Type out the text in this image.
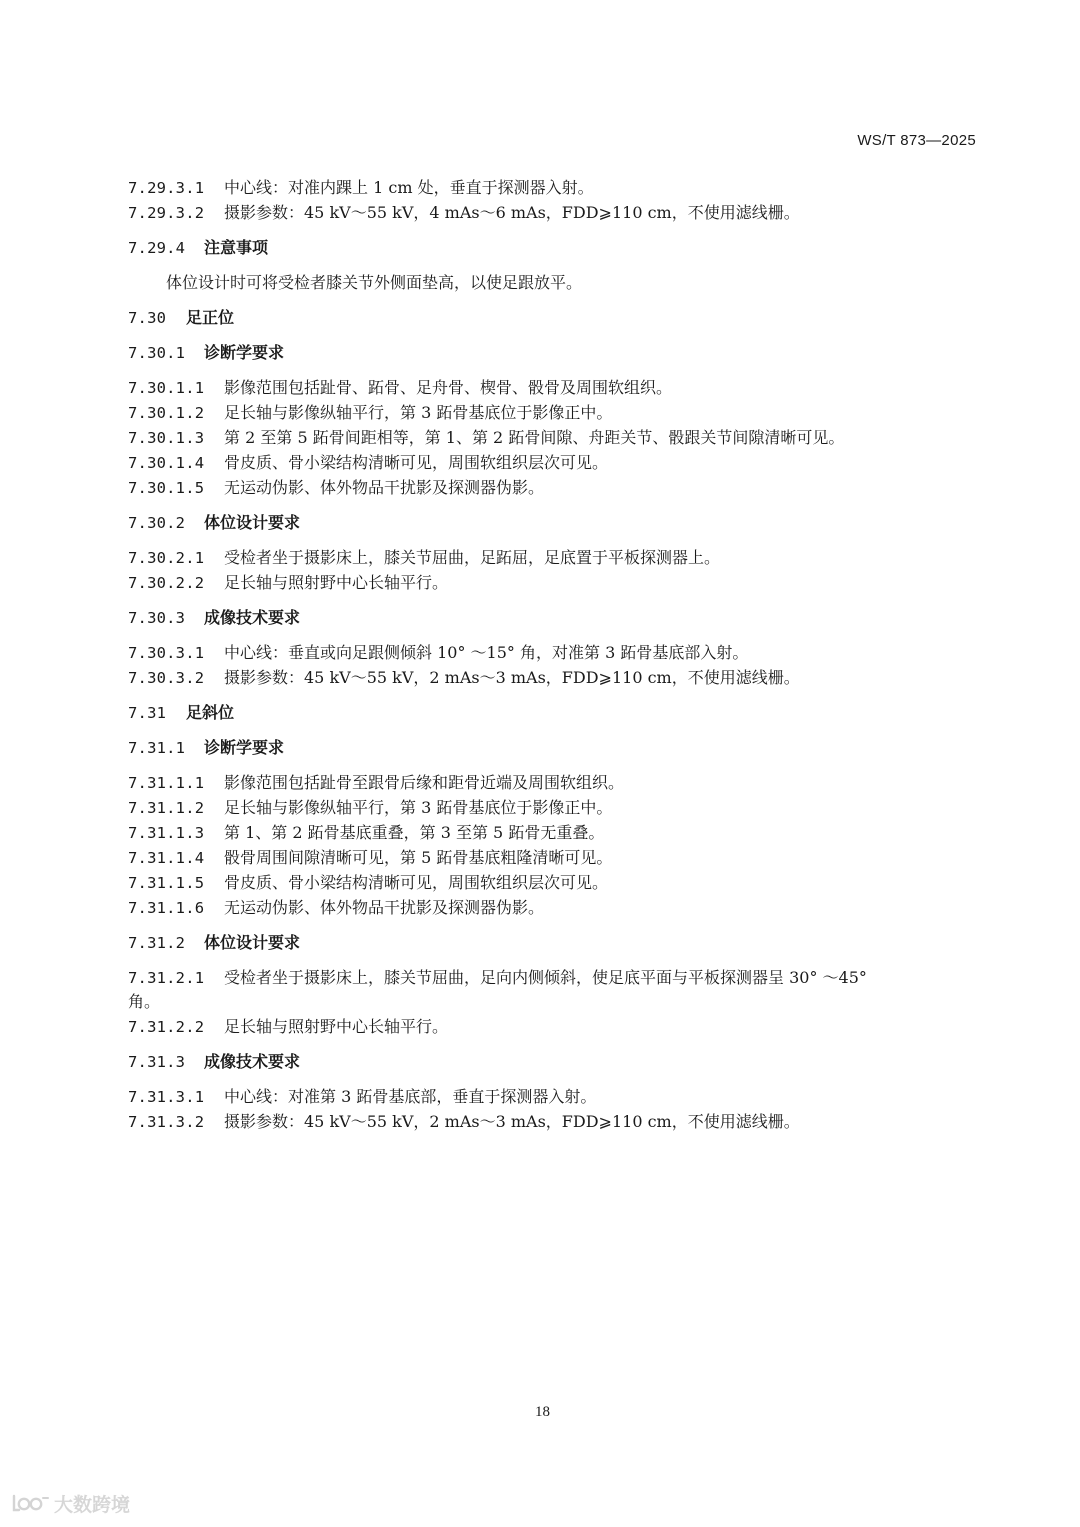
WS/T 873—2025
7.29.3.1 中心线：对准内踝上 1 cm 处，垂直于探测器入射。
7.29.3.2 摄影参数：45 kV～55 kV，4 mAs～6 mAs，FDD⩾110 cm，不使用滤线栅。
7.29.4 注意事项
体位设计时可将受检者膝关节外侧面垫高，以使足跟放平。
7.30 足正位
7.30.1 诊断学要求
7.30.1.1 影像范围包括趾骨、跖骨、足舟骨、楔骨、骰骨及周围软组织。
7.30.1.2 足长轴与影像纵轴平行，第 3 跖骨基底位于影像正中。
7.30.1.3 第 2 至第 5 跖骨间距相等，第 1、第 2 跖骨间隙、舟距关节、骰跟关节间隙清晰可见。
7.30.1.4 骨皮质、骨小梁结构清晰可见，周围软组织层次可见。
7.30.1.5 无运动伪影、体外物品干扰影及探测器伪影。
7.30.2 体位设计要求
7.30.2.1 受检者坐于摄影床上，膝关节屈曲，足跖屈，足底置于平板探测器上。
7.30.2.2 足长轴与照射野中心长轴平行。
7.30.3 成像技术要求
7.30.3.1 中心线：垂直或向足跟侧倾斜 10° ～15° 角，对准第 3 跖骨基底部入射。
7.30.3.2 摄影参数：45 kV～55 kV，2 mAs～3 mAs，FDD⩾110 cm，不使用滤线栅。
7.31 足斜位
7.31.1 诊断学要求
7.31.1.1 影像范围包括趾骨至跟骨后缘和距骨近端及周围软组织。
7.31.1.2 足长轴与影像纵轴平行，第 3 跖骨基底位于影像正中。
7.31.1.3 第 1、第 2 跖骨基底重叠，第 3 至第 5 跖骨无重叠。
7.31.1.4 骰骨周围间隙清晰可见，第 5 跖骨基底粗隆清晰可见。
7.31.1.5 骨皮质、骨小梁结构清晰可见，周围软组织层次可见。
7.31.1.6 无运动伪影、体外物品干扰影及探测器伪影。
7.31.2 体位设计要求
7.31.2.1 受检者坐于摄影床上，膝关节屈曲，足向内侧倾斜，使足底平面与平板探测器呈 30° ～45°
角。
7.31.2.2 足长轴与照射野中心长轴平行。
7.31.3 成像技术要求
7.31.3.1 中心线：对准第 3 跖骨基底部，垂直于探测器入射。
7.31.3.2 摄影参数：45 kV～55 kV，2 mAs～3 mAs，FDD⩾110 cm，不使用滤线栅。
18
大数跨境
